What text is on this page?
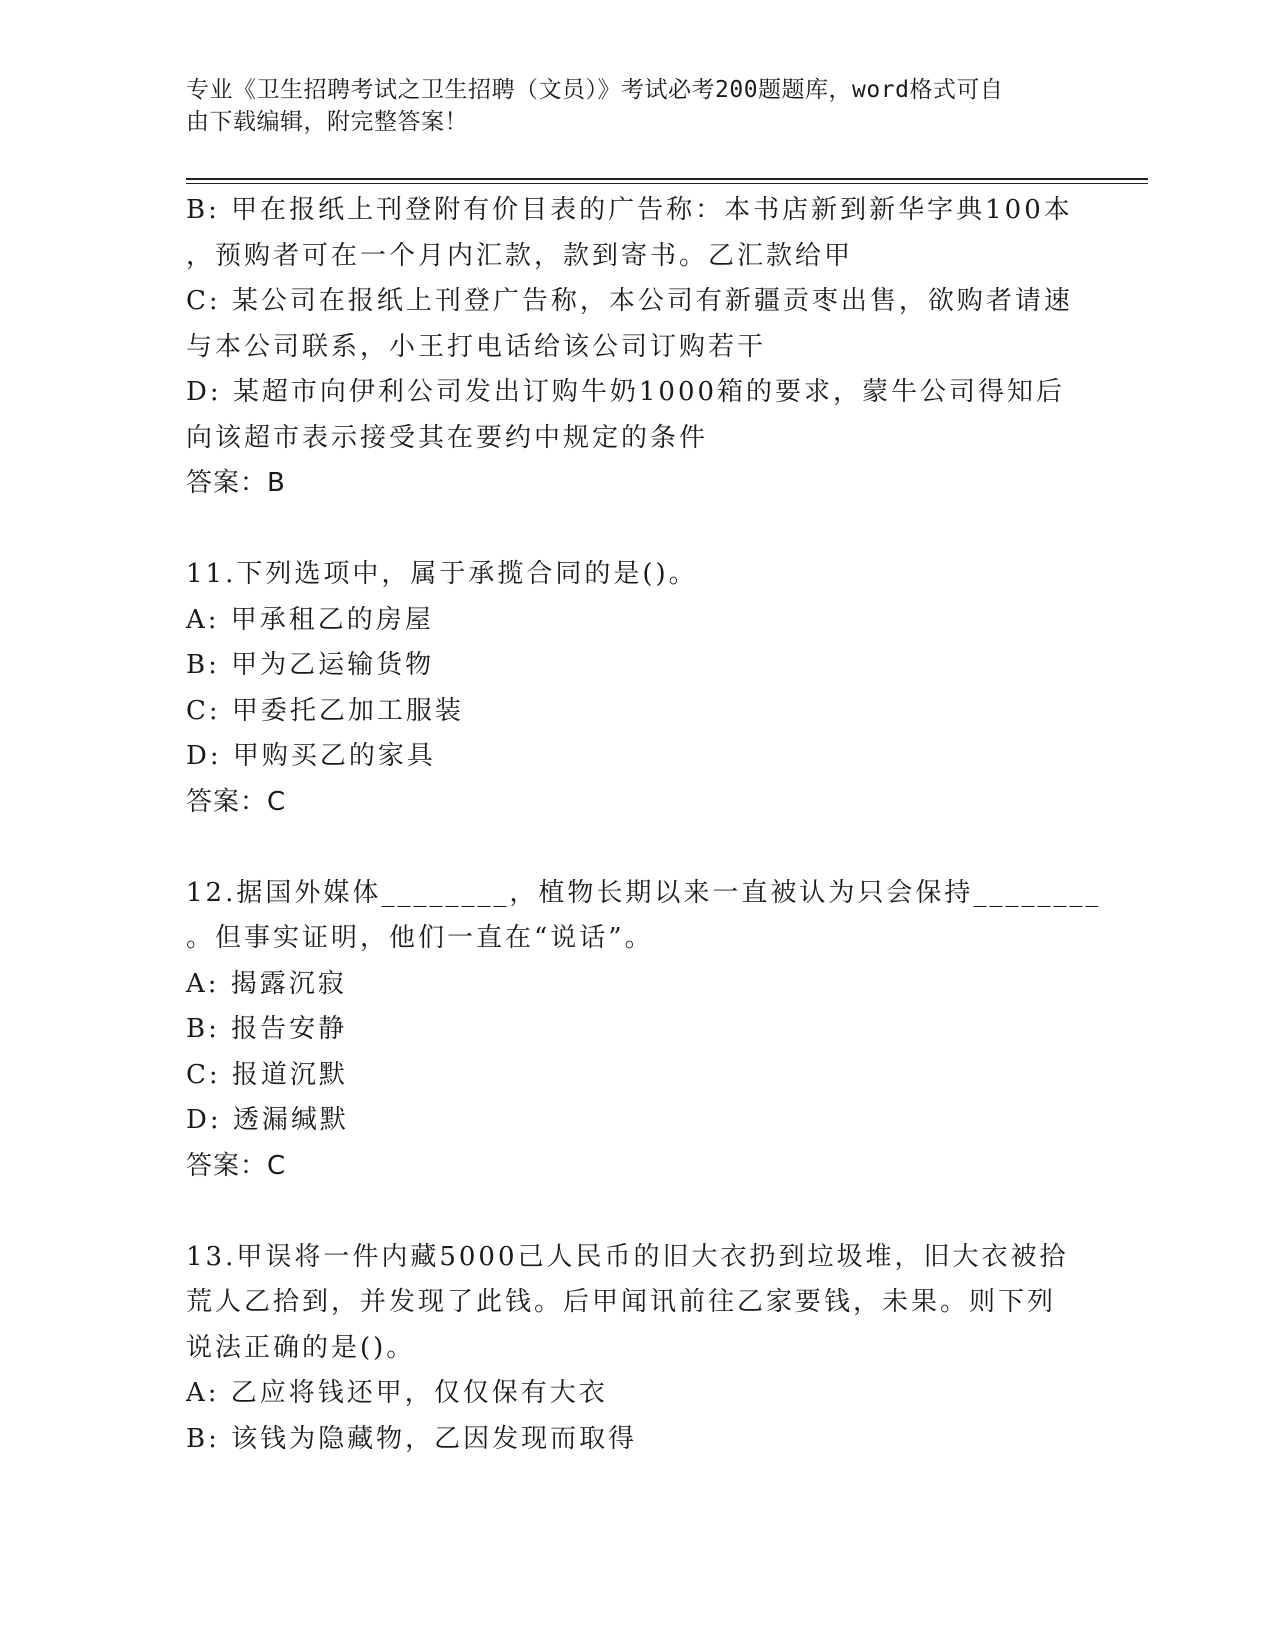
专业《卫生招聘考试之卫生招聘（文员）》考试必考200题题库，word格式可自
由下载编辑，附完整答案！
B: 甲在报纸上刊登附有价目表的广告称：本书店新到新华字典100本
，预购者可在一个月内汇款，款到寄书。乙汇款给甲
C: 某公司在报纸上刊登广告称，本公司有新疆贡枣出售，欲购者请速
与本公司联系，小王打电话给该公司订购若干
D: 某超市向伊利公司发出订购牛奶1000箱的要求，蒙牛公司得知后
向该超市表示接受其在要约中规定的条件
答案：B
11.下列选项中，属于承揽合同的是()。
A: 甲承租乙的房屋
B: 甲为乙运输货物
C: 甲委托乙加工服装
D: 甲购买乙的家具
答案：C
12.据国外媒体________，植物长期以来一直被认为只会保持________
。但事实证明，他们一直在“说话”。
A: 揭露沉寂
B: 报告安静
C: 报道沉默
D: 透漏缄默
答案：C
13.甲误将一件内藏5000己人民币的旧大衣扔到垃圾堆，旧大衣被拾
荒人乙拾到，并发现了此钱。后甲闻讯前往乙家要钱，未果。则下列
说法正确的是()。
A: 乙应将钱还甲，仅仅保有大衣
B: 该钱为隐藏物，乙因发现而取得
